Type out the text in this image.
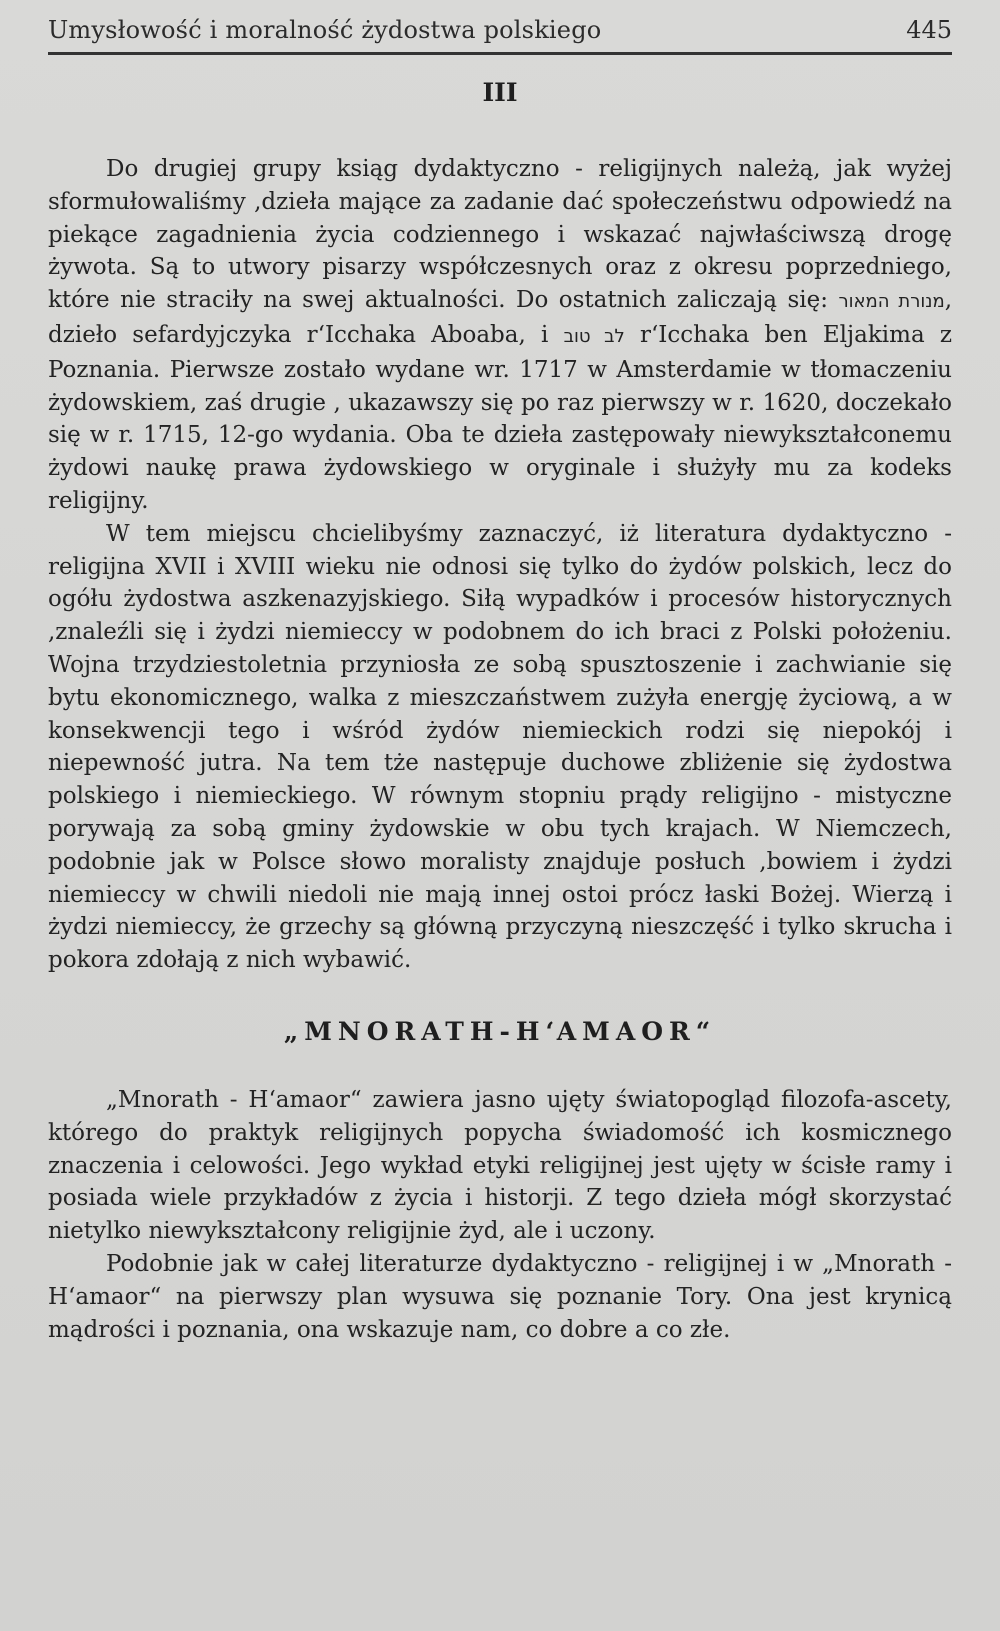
Umysłowość i moralność żydostwa polskiego	445
III

Do drugiej grupy ksiąg dydaktyczno - religijnych należą, jak wyżej sformułowaliśmy ,dzieła mające za zadanie dać społeczeństwu odpowiedź na piekące zagadnienia życia codziennego i wskazać najwłaściwszą drogę żywota. Są to utwory pisarzy współczesnych oraz z okresu poprzedniego, które nie straciły na swej aktualności. Do ostatnich zaliczają się: מנורת המאור, dzieło sefardyjczyka r‘Icchaka Aboaba, i לב טוב r‘Icchaka ben Eljakima z Poznania. Pierwsze zostało wydane wr. 1717 w Amsterdamie w tłomaczeniu żydowskiem, zaś drugie , ukazawszy się po raz pierwszy w r. 1620, doczekało się w r. 1715, 12-go wydania. Oba te dzieła zastępowały niewykształconemu żydowi naukę prawa żydowskiego w oryginale i służyły mu za kodeks religijny.

W tem miejscu chcielibyśmy zaznaczyć, iż literatura dydaktyczno - religijna XVII i XVIII wieku nie odnosi się tylko do żydów polskich, lecz do ogółu żydostwa aszkenazyjskiego. Siłą wypadków i procesów historycznych ,znaleźli się i żydzi niemieccy w podobnem do ich braci z Polski położeniu. Wojna trzydziestoletnia przyniosła ze sobą spusztoszenie i zachwianie się bytu ekonomicznego, walka z mieszczaństwem zużyła energję życiową, a w konsekwencji tego i wśród żydów niemieckich rodzi się niepokój i niepewność jutra. Na tem tże następuje duchowe zbliżenie się żydostwa polskiego i niemieckiego. W równym stopniu prądy religijno - mistyczne porywają za sobą gminy żydowskie w obu tych krajach. W Niemczech, podobnie jak w Polsce słowo moralisty znajduje posłuch ,bowiem i żydzi niemieccy w chwili niedoli nie mają innej ostoi prócz łaski Bożej. Wierzą i żydzi niemieccy, że grzechy są główną przyczyną nieszczęść i tylko skrucha i pokora zdołają z nich wybawić.

„MNORATH-H‘AMAOR“

„Mnorath - H‘amaor“ zawiera jasno ujęty światopogląd filozofa-ascety, którego do praktyk religijnych popycha świadomość ich kosmicznego znaczenia i celowości. Jego wykład etyki religijnej jest ujęty w ścisłe ramy i posiada wiele przykładów z życia i historji. Z tego dzieła mógł skorzystać nietylko niewykształcony religijnie żyd, ale i uczony.

Podobnie jak w całej literaturze dydaktyczno - religijnej i w „Mnorath - H‘amaor“ na pierwszy plan wysuwa się poznanie Tory. Ona jest krynicą mądrości i poznania, ona wskazuje nam, co dobre a co złe.
